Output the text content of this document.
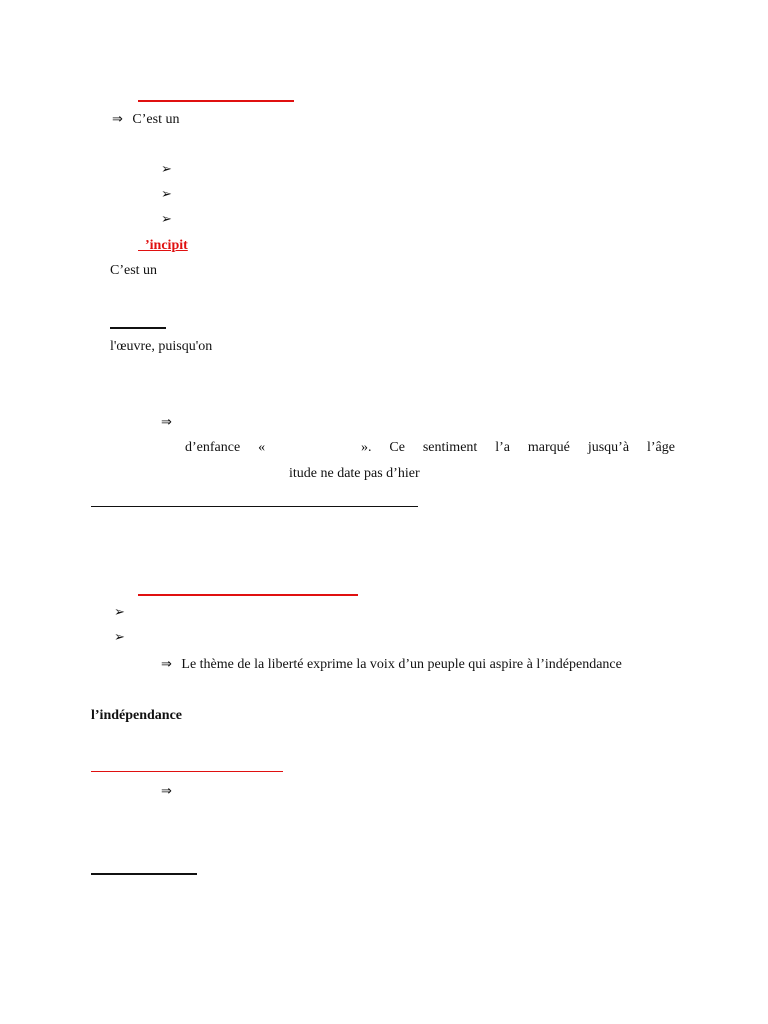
⇒ C’est un
➢
➢
➢
’incipit
C’est un
l'œuvre, puisqu'on
⇒
d’enfance «	». Ce sentiment l’a marqué jusqu’à l’âge
itude ne date pas d’hier
➢
➢
⇒ Le thème de la liberté exprime la voix d’un peuple qui aspire à l’indépendance
l’indépendance
⇒
